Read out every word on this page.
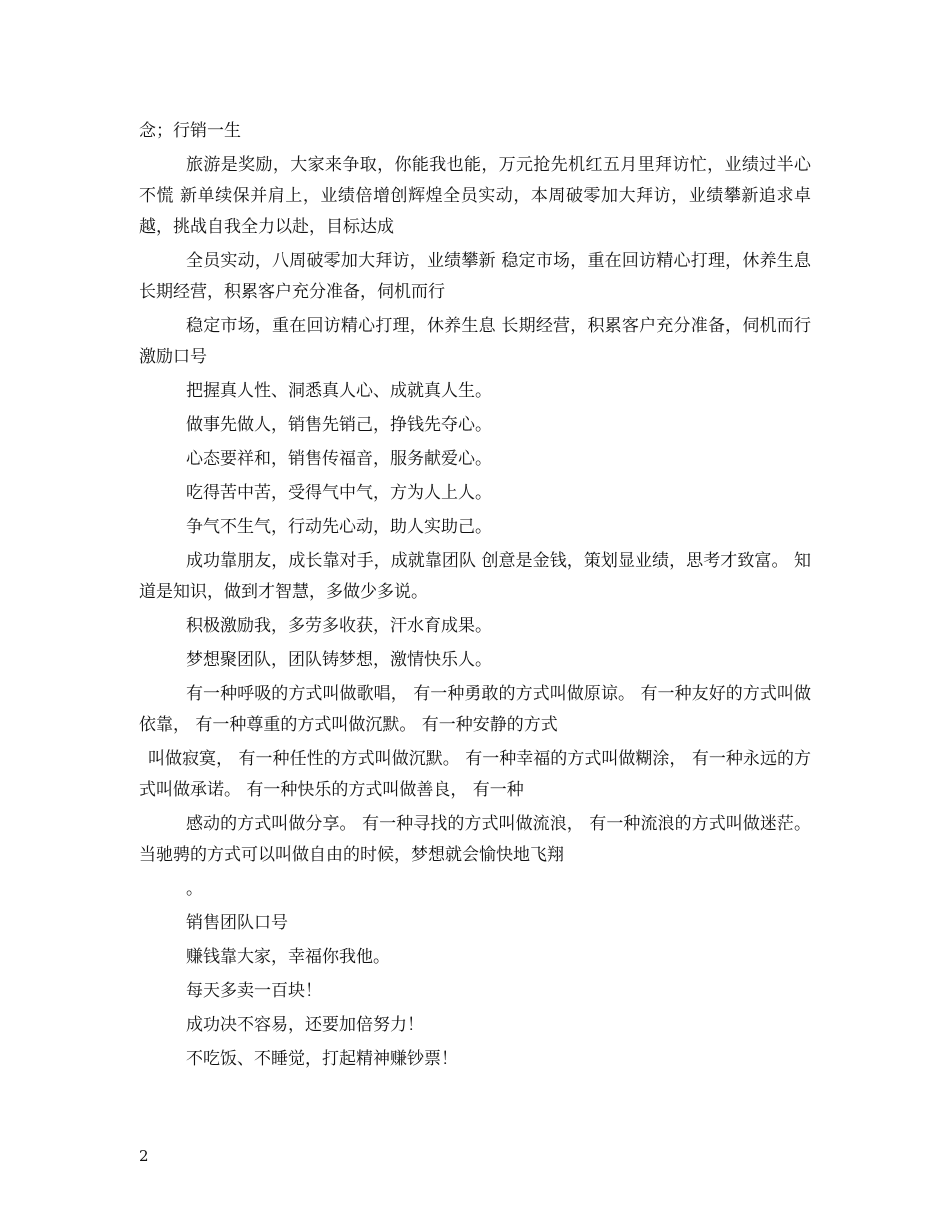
念；行销一生

旅游是奖励，大家来争取，你能我也能，万元抢先机红五月里拜访忙，业绩过半心不慌 新单续保并肩上，业绩倍增创辉煌全员实动，本周破零加大拜访，业绩攀新追求卓越，挑战自我全力以赴，目标达成

全员实动，八周破零加大拜访，业绩攀新 稳定市场，重在回访精心打理，休养生息 长期经营，积累客户充分准备，伺机而行

稳定市场，重在回访精心打理，休养生息 长期经营，积累客户充分准备，伺机而行 激励口号

把握真人性、洞悉真人心、成就真人生。

做事先做人，销售先销己，挣钱先夺心。

心态要祥和，销售传福音，服务献爱心。

吃得苦中苦，受得气中气，方为人上人。

争气不生气，行动先心动，助人实助己。

成功靠朋友，成长靠对手，成就靠团队 创意是金钱，策划显业绩，思考才致富。 知道是知识，做到才智慧，多做少多说。

积极激励我，多劳多收获，汗水育成果。

梦想聚团队，团队铸梦想，激情快乐人。

有一种呼吸的方式叫做歌唱， 有一种勇敢的方式叫做原谅。 有一种友好的方式叫做依靠， 有一种尊重的方式叫做沉默。 有一种安静的方式

叫做寂寞， 有一种任性的方式叫做沉默。 有一种幸福的方式叫做糊涂， 有一种永远的方式叫做承诺。 有一种快乐的方式叫做善良， 有一种

感动的方式叫做分享。 有一种寻找的方式叫做流浪， 有一种流浪的方式叫做迷茫。 当驰骋的方式可以叫做自由的时候，梦想就会愉快地飞翔

。

销售团队口号

赚钱靠大家，幸福你我他。

每天多卖一百块！

成功决不容易，还要加倍努力！

不吃饭、不睡觉，打起精神赚钞票！

2
